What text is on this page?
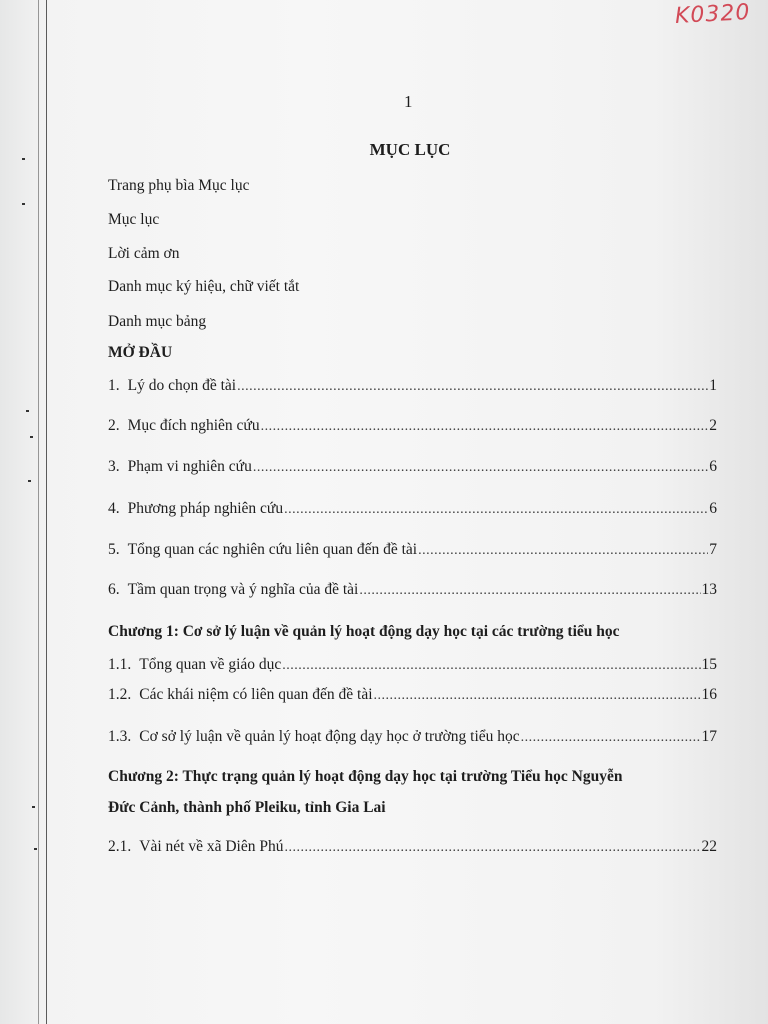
K0320
1
MỤC LỤC
Trang phụ bìa Mục lục
Mục lục
Lời cảm ơn
Danh mục ký hiệu, chữ viết tắt
Danh mục bảng
MỞ ĐẦU
1. Lý do chọn đề tài .....	1
2. Mục đích nghiên cứu .....	2
3. Phạm vi nghiên cứu .....	6
4. Phương pháp nghiên cứu .....	6
5. Tổng quan các nghiên cứu liên quan đến đề tài .....	7
6. Tầm quan trọng và ý nghĩa của đề tài .....	13
Chương 1: Cơ sở lý luận về quản lý hoạt động dạy học tại các trường tiểu học
1.1. Tổng quan về giáo dục .....	15
1.2. Các khái niệm có liên quan đến đề tài .....	16
1.3. Cơ sở lý luận về quản lý hoạt động dạy học ở trường tiểu học .....	17
Chương 2: Thực trạng quản lý hoạt động dạy học tại trường Tiểu học Nguyễn
Đức Cảnh, thành phố Pleiku, tỉnh Gia Lai
2.1. Vài nét về xã Diên Phú .....	22
